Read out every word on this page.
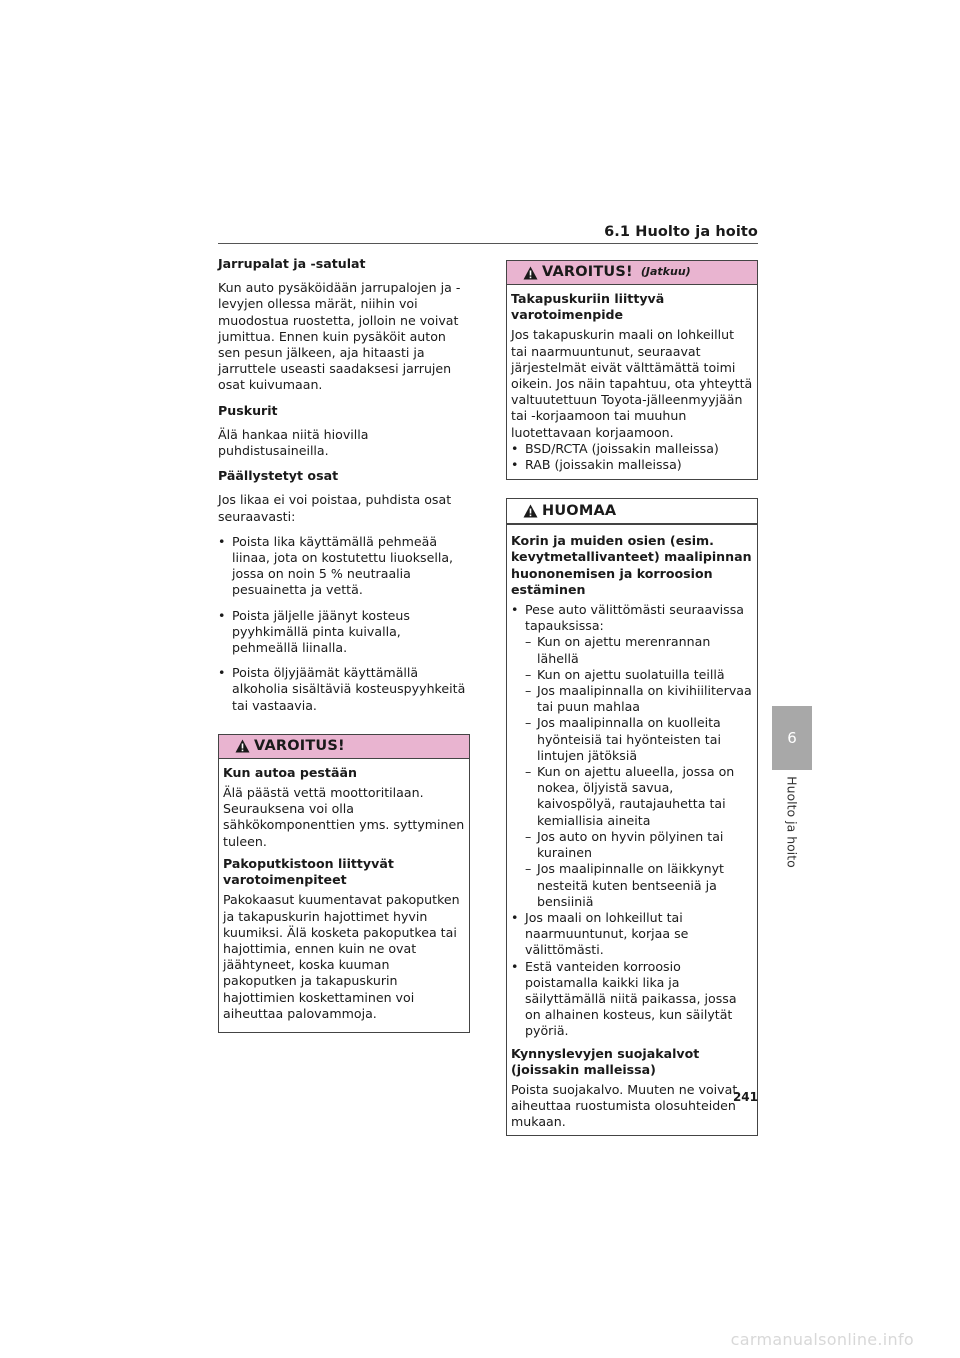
6.1 Huolto ja hoito
Jarrupalat ja -satulat
Kun auto pysäköidään jarrupalojen ja -levyjen ollessa märät, niihin voi muodostua ruostetta, jolloin ne voivat jumittua. Ennen kuin pysäköit auton sen pesun jälkeen, aja hitaasti ja jarruttele useasti saadaksesi jarrujen osat kuivumaan.
Puskurit
Älä hankaa niitä hiovilla puhdistusaineilla.
Päällystetyt osat
Jos likaa ei voi poistaa, puhdista osat seuraavasti:
• Poista lika käyttämällä pehmeää liinaa, jota on kostutettu liuoksella, jossa on noin 5 % neutraalia pesuainetta ja vettä.
• Poista jäljelle jäänyt kosteus pyyhkimällä pinta kuivalla, pehmeällä liinalla.
• Poista öljyjäämät käyttämällä alkoholia sisältäviä kosteuspyyhkeitä tai vastaavia.
VAROITUS!
Kun autoa pestään
Älä päästä vettä moottoritilaan. Seurauksena voi olla sähkökomponenttien yms. syttyminen tuleen.
Pakoputkistoon liittyvät varotoimenpiteet
Pakokaasut kuumentavat pakoputken ja takapuskurin hajottimet hyvin kuumiksi. Älä kosketa pakoputkea tai hajottimia, ennen kuin ne ovat jäähtyneet, koska kuuman pakoputken ja takapuskurin hajottimien koskettaminen voi aiheuttaa palovammoja.
VAROITUS! (Jatkuu)
Takapuskuriin liittyvä varotoimenpide
Jos takapuskurin maali on lohkeillut tai naarmuuntunut, seuraavat järjestelmät eivät välttämättä toimi oikein. Jos näin tapahtuu, ota yhteyttä valtuutettuun Toyota-jälleenmyyjään tai -korjaamoon tai muuhun luotettavaan korjaamoon.
• BSD/RCTA (joissakin malleissa)
• RAB (joissakin malleissa)
HUOMAA
Korin ja muiden osien (esim. kevytmetallivanteet) maalipinnan huononemisen ja korroosion estäminen
• Pese auto välittömästi seuraavissa tapauksissa:
– Kun on ajettu merenrannan lähellä
– Kun on ajettu suolatuilla teillä
– Jos maalipinnalla on kivihiilitervaa tai puun mahlaa
– Jos maalipinnalla on kuolleita hyönteisiä tai hyönteisten tai lintujen jätöksiä
– Kun on ajettu alueella, jossa on nokea, öljyistä savua, kaivospölyä, rautajauhetta tai kemiallisia aineita
– Jos auto on hyvin pölyinen tai kurainen
– Jos maalipinnalle on läikkynyt nesteitä kuten bentseeniä ja bensiiniä
• Jos maali on lohkeillut tai naarmuuntunut, korjaa se välittömästi.
• Estä vanteiden korroosio poistamalla kaikki lika ja säilyttämällä niitä paikassa, jossa on alhainen kosteus, kun säilytät pyöriä.
Kynnyslevyjen suojakalvot (joissakin malleissa)
Poista suojakalvo. Muuten ne voivat aiheuttaa ruostumista olosuhteiden mukaan.
6
Huolto ja hoito
241
carmanualsonline.info
